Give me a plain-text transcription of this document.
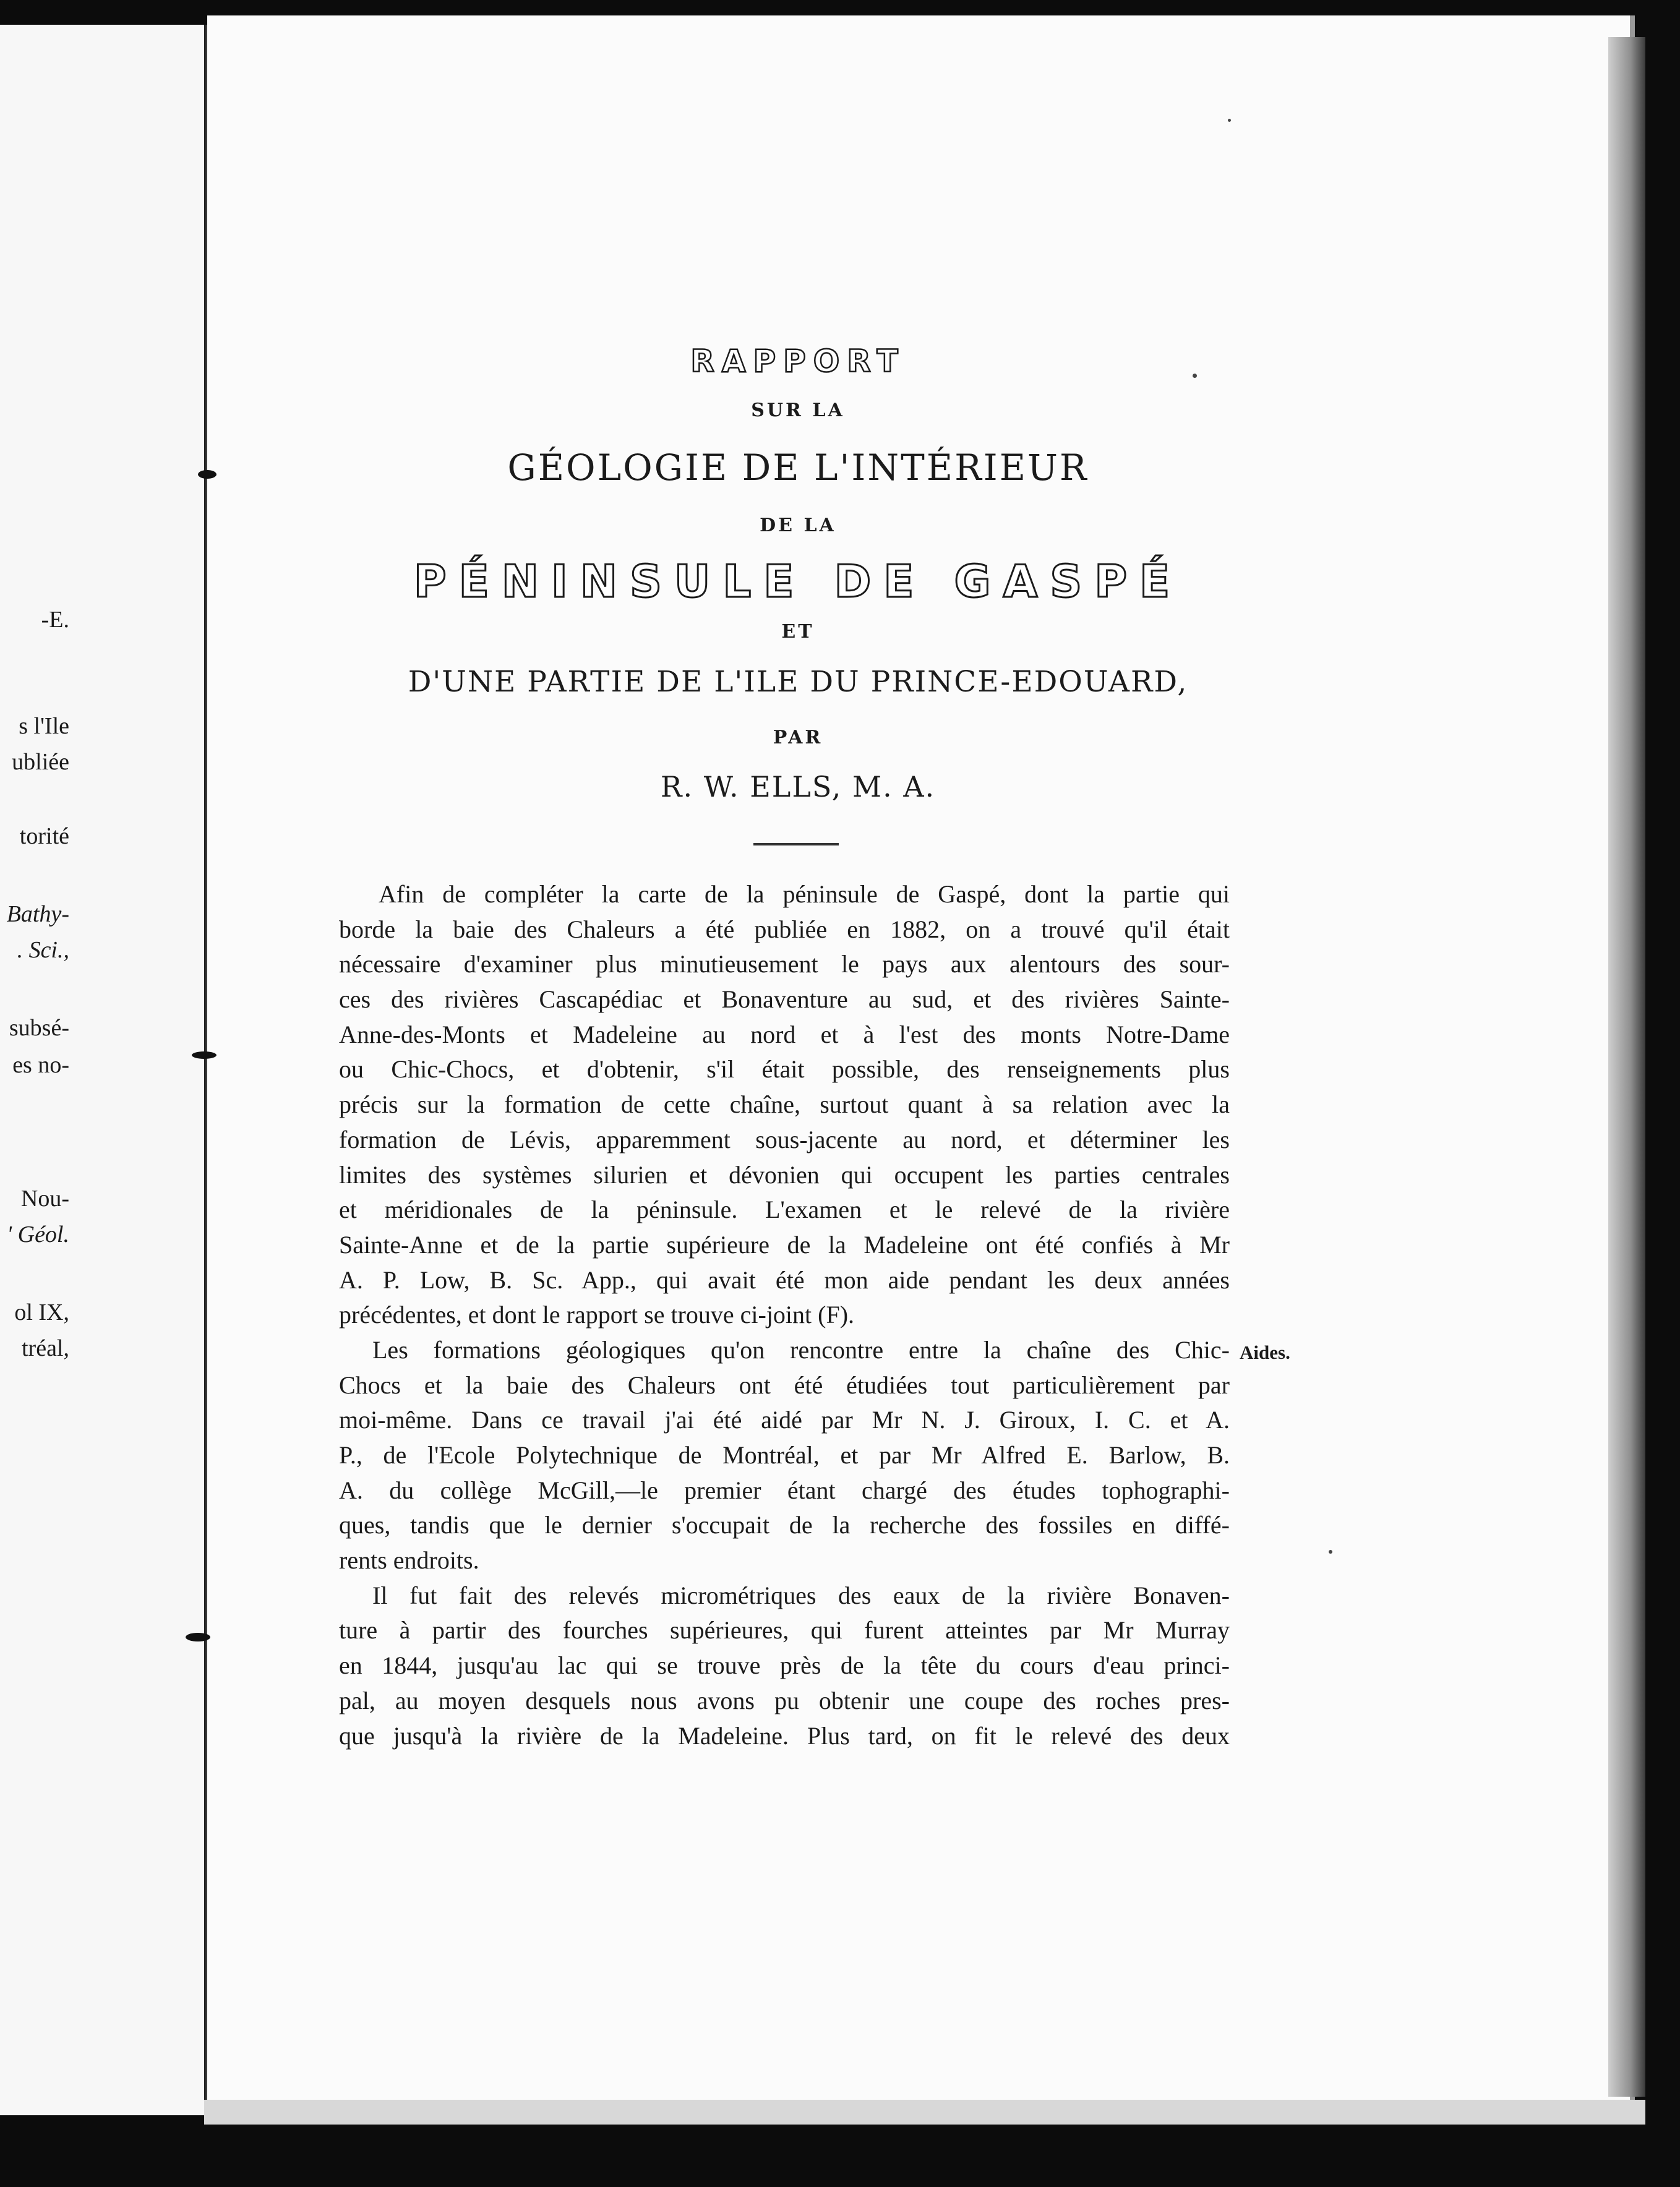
-E.
s l'Ile
ubliée
torité
Bathy-
. Sci.,
subsé-
es no-
Nou-
' Géol.
ol IX,
tréal,
RAPPORT
SUR LA
GÉOLOGIE DE L'INTÉRIEUR
DE LA
PÉNINSULE DE GASPÉ
ET
D'UNE PARTIE DE L'ILE DU PRINCE-EDOUARD,
PAR
R. W. ELLS, M. A.
Afin de compléter la carte de la péninsule de Gaspé, dont la partie qui
borde la baie des Chaleurs a été publiée en 1882, on a trouvé qu'il était
nécessaire d'examiner plus minutieusement le pays aux alentours des sour-
ces des rivières Cascapédiac et Bonaventure au sud, et des rivières Sainte-
Anne-des-Monts et Madeleine au nord et à l'est des monts Notre-Dame
ou Chic-Chocs, et d'obtenir, s'il était possible, des renseignements plus
précis sur la formation de cette chaîne, surtout quant à sa relation avec la
formation de Lévis, apparemment sous-jacente au nord, et déterminer les
limites des systèmes silurien et dévonien qui occupent les parties centrales
et méridionales de la péninsule. L'examen et le relevé de la rivière
Sainte-Anne et de la partie supérieure de la Madeleine ont été confiés à Mr
A. P. Low, B. Sc. App., qui avait été mon aide pendant les deux années
précédentes, et dont le rapport se trouve ci-joint (F).
Les formations géologiques qu'on rencontre entre la chaîne des Chic-
Chocs et la baie des Chaleurs ont été étudiées tout particulièrement par
moi-même. Dans ce travail j'ai été aidé par Mr N. J. Giroux, I. C. et A.
P., de l'Ecole Polytechnique de Montréal, et par Mr Alfred E. Barlow, B.
A. du collège McGill,—le premier étant chargé des études tophographi-
ques, tandis que le dernier s'occupait de la recherche des fossiles en diffé-
rents endroits.
Il fut fait des relevés micrométriques des eaux de la rivière Bonaven-
ture à partir des fourches supérieures, qui furent atteintes par Mr Murray
en 1844, jusqu'au lac qui se trouve près de la tête du cours d'eau princi-
pal, au moyen desquels nous avons pu obtenir une coupe des roches pres-
que jusqu'à la rivière de la Madeleine. Plus tard, on fit le relevé des deux
Aides.
